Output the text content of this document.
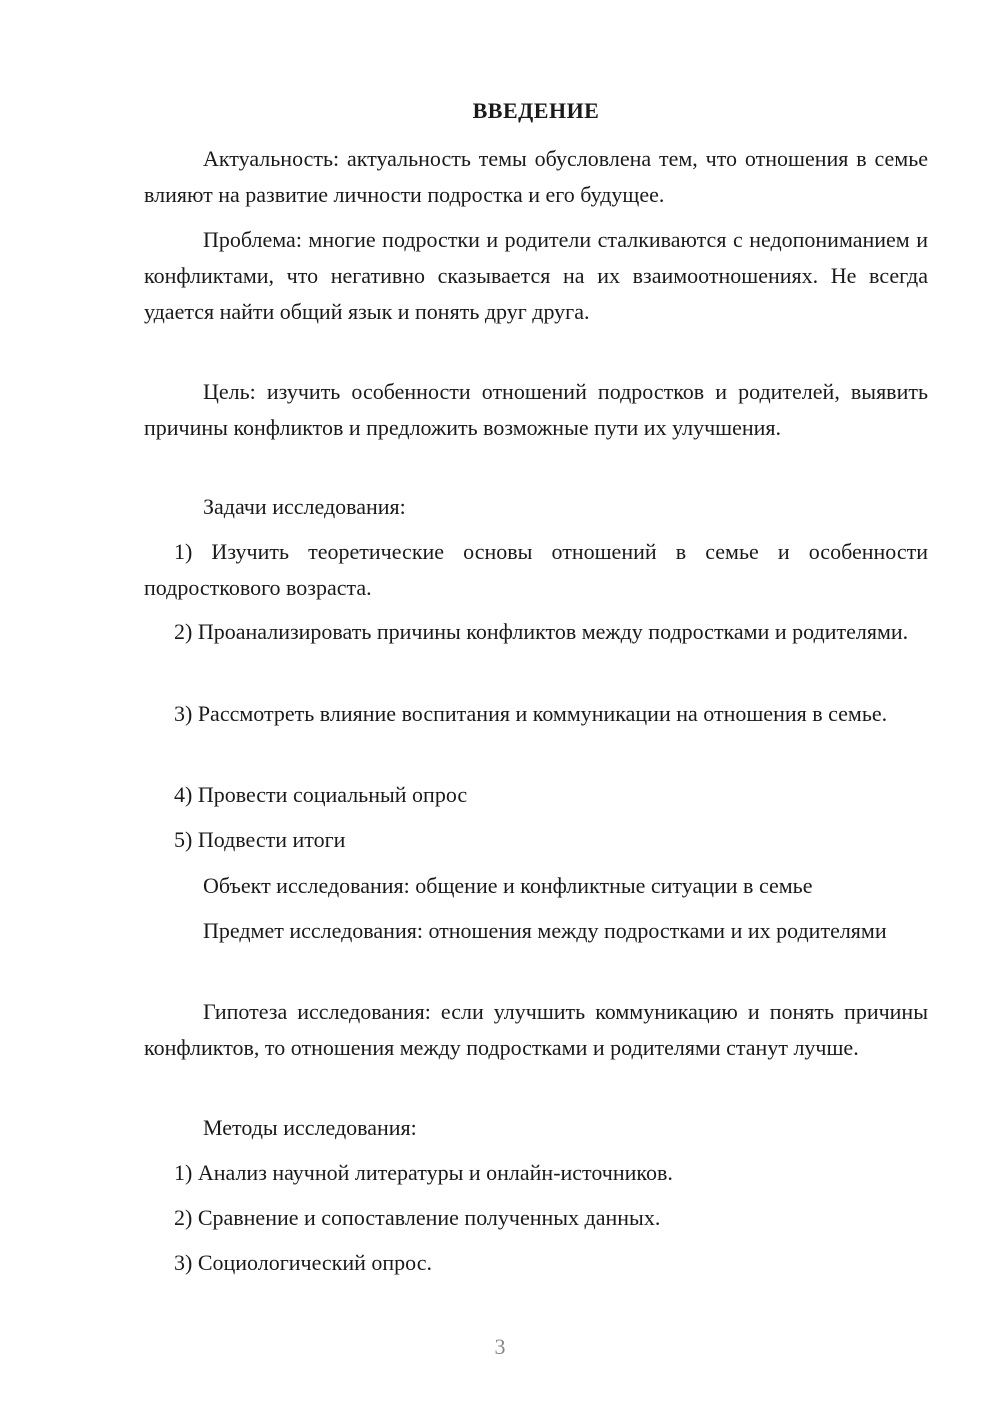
ВВЕДЕНИЕ
Актуальность: актуальность темы обусловлена тем, что отношения в семье влияют на развитие личности подростка и его будущее.
Проблема: многие подростки и родители сталкиваются с недопониманием и конфликтами, что негативно сказывается на их взаимоотношениях. Не всегда удается найти общий язык и понять друг друга.
Цель: изучить особенности отношений подростков и родителей, выявить причины конфликтов и предложить возможные пути их улучшения.
Задачи исследования:
1) Изучить теоретические основы отношений в семье и особенности подросткового возраста.
2) Проанализировать причины конфликтов между подростками и родителями.
3) Рассмотреть влияние воспитания и коммуникации на отношения в семье.
4) Провести социальный опрос
5) Подвести итоги
Объект исследования: общение и конфликтные ситуации в семье
Предмет исследования: отношения между подростками и их родителями
Гипотеза исследования: если улучшить коммуникацию и понять причины конфликтов, то отношения между подростками и родителями станут лучше.
Методы исследования:
1) Анализ научной литературы и онлайн-источников.
2) Сравнение и сопоставление полученных данных.
3) Социологический опрос.
3
